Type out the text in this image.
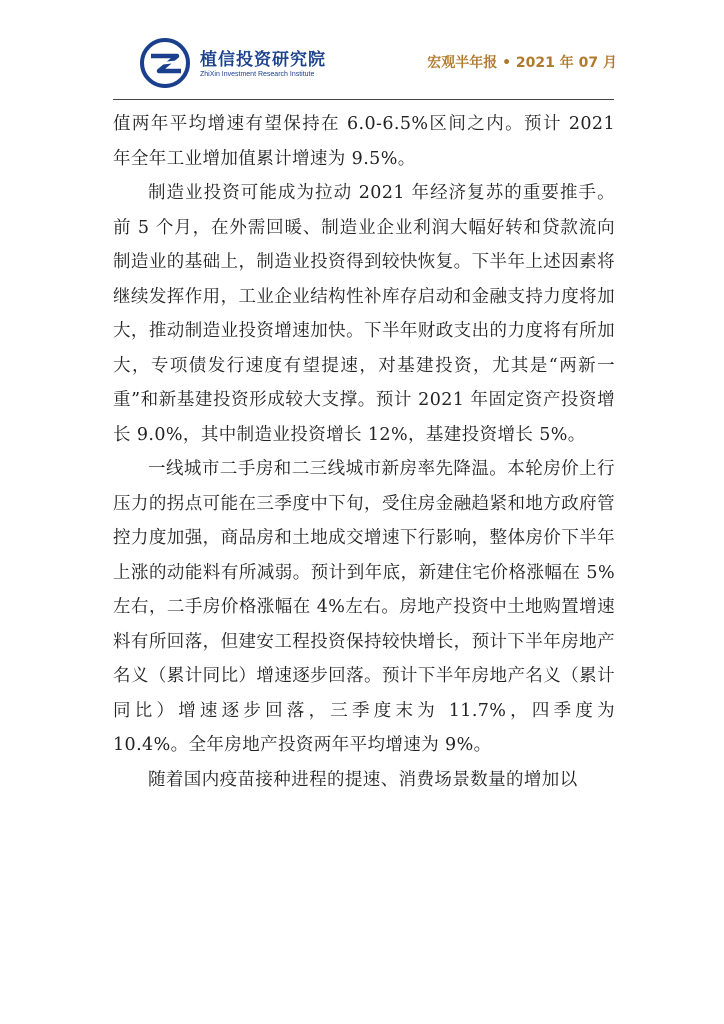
植信投资研究院
ZhiXin Investment Research Institute
宏观半年报 • 2021 年 07 月

值两年平均增速有望保持在 6.0-6.5%区间之内。预计 2021 年全年工业增加值累计增速为 9.5%。

制造业投资可能成为拉动 2021 年经济复苏的重要推手。前 5 个月，在外需回暖、制造业企业利润大幅好转和贷款流向制造业的基础上，制造业投资得到较快恢复。下半年上述因素将继续发挥作用，工业企业结构性补库存启动和金融支持力度将加大，推动制造业投资增速加快。下半年财政支出的力度将有所加大，专项债发行速度有望提速，对基建投资，尤其是“两新一重”和新基建投资形成较大支撑。预计 2021 年固定资产投资增长 9.0%，其中制造业投资增长 12%，基建投资增长 5%。

一线城市二手房和二三线城市新房率先降温。本轮房价上行压力的拐点可能在三季度中下旬，受住房金融趋紧和地方政府管控力度加强，商品房和土地成交增速下行影响，整体房价下半年上涨的动能料有所减弱。预计到年底，新建住宅价格涨幅在 5%左右，二手房价格涨幅在 4%左右。房地产投资中土地购置增速料有所回落，但建安工程投资保持较快增长，预计下半年房地产名义（累计同比）增速逐步回落。预计下半年房地产名义（累计同比）增速逐步回落，三季度末为 11.7%，四季度为 10.4%。全年房地产投资两年平均增速为 9%。

随着国内疫苗接种进程的提速、消费场景数量的增加以
